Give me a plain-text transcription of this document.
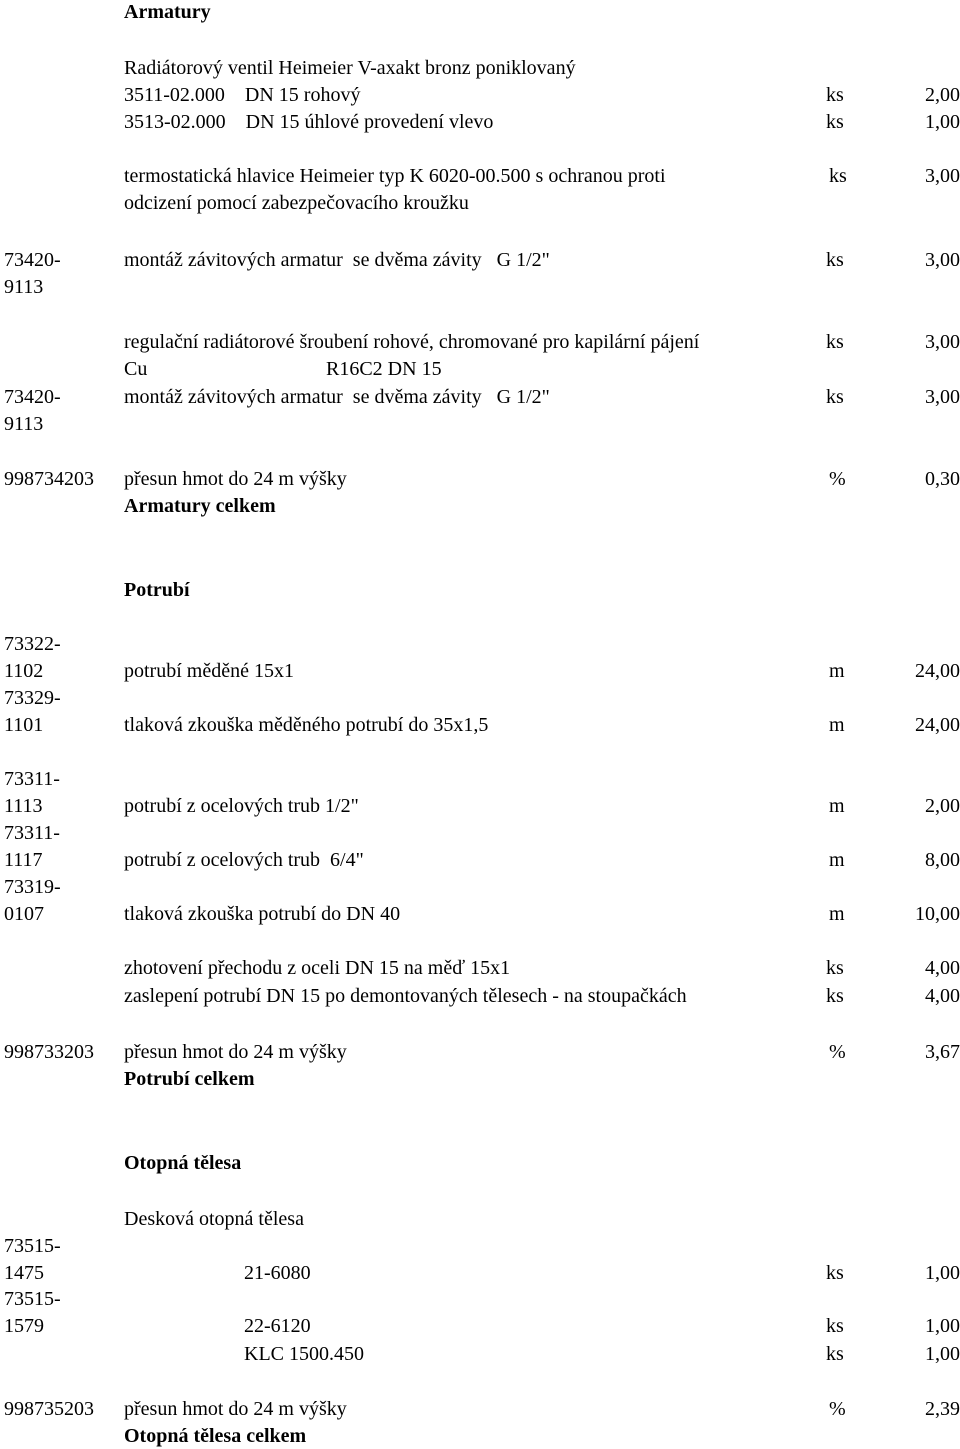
Armatury
Radiátorový ventil Heimeier V-axakt bronz poniklovaný
3511-02.000    DN 15 rohový	ks	2,00
3513-02.000    DN 15 úhlové provedení vlevo	ks	1,00
termostatická hlavice Heimeier typ K 6020-00.500 s ochranou proti	ks	3,00
odcizení pomocí zabezpečovacího kroužku
73420-
9113
montáž závitových armatur  se dvěma závity   G 1/2"	ks	3,00
regulační radiátorové šroubení rohové, chromované pro kapilární pájení	ks	3,00
Cu	R16C2 DN 15
73420-
9113
montáž závitových armatur  se dvěma závity   G 1/2"	ks	3,00
998734203 přesun hmot do 24 m výšky	%	0,30
Armatury celkem
Potrubí
73322-
1102	potrubí měděné 15x1	m	24,00
73329-
1101	tlaková zkouška měděného potrubí do 35x1,5	m	24,00
73311-
1113	potrubí z ocelových trub 1/2"	m	2,00
73311-
1117	potrubí z ocelových trub  6/4"	m	8,00
73319-
0107	tlaková zkouška potrubí do DN 40	m	10,00
zhotovení přechodu z oceli DN 15 na měď 15x1	ks	4,00
zaslepení potrubí DN 15 po demontovaných tělesech - na stoupačkách	ks	4,00
998733203 přesun hmot do 24 m výšky	%	3,67
Potrubí celkem
Otopná tělesa
Desková otopná tělesa
73515-
1475	21-6080	ks	1,00
73515-
1579	22-6120	ks	1,00
KLC 1500.450	ks	1,00
998735203 přesun hmot do 24 m výšky	%	2,39
Otopná tělesa celkem
